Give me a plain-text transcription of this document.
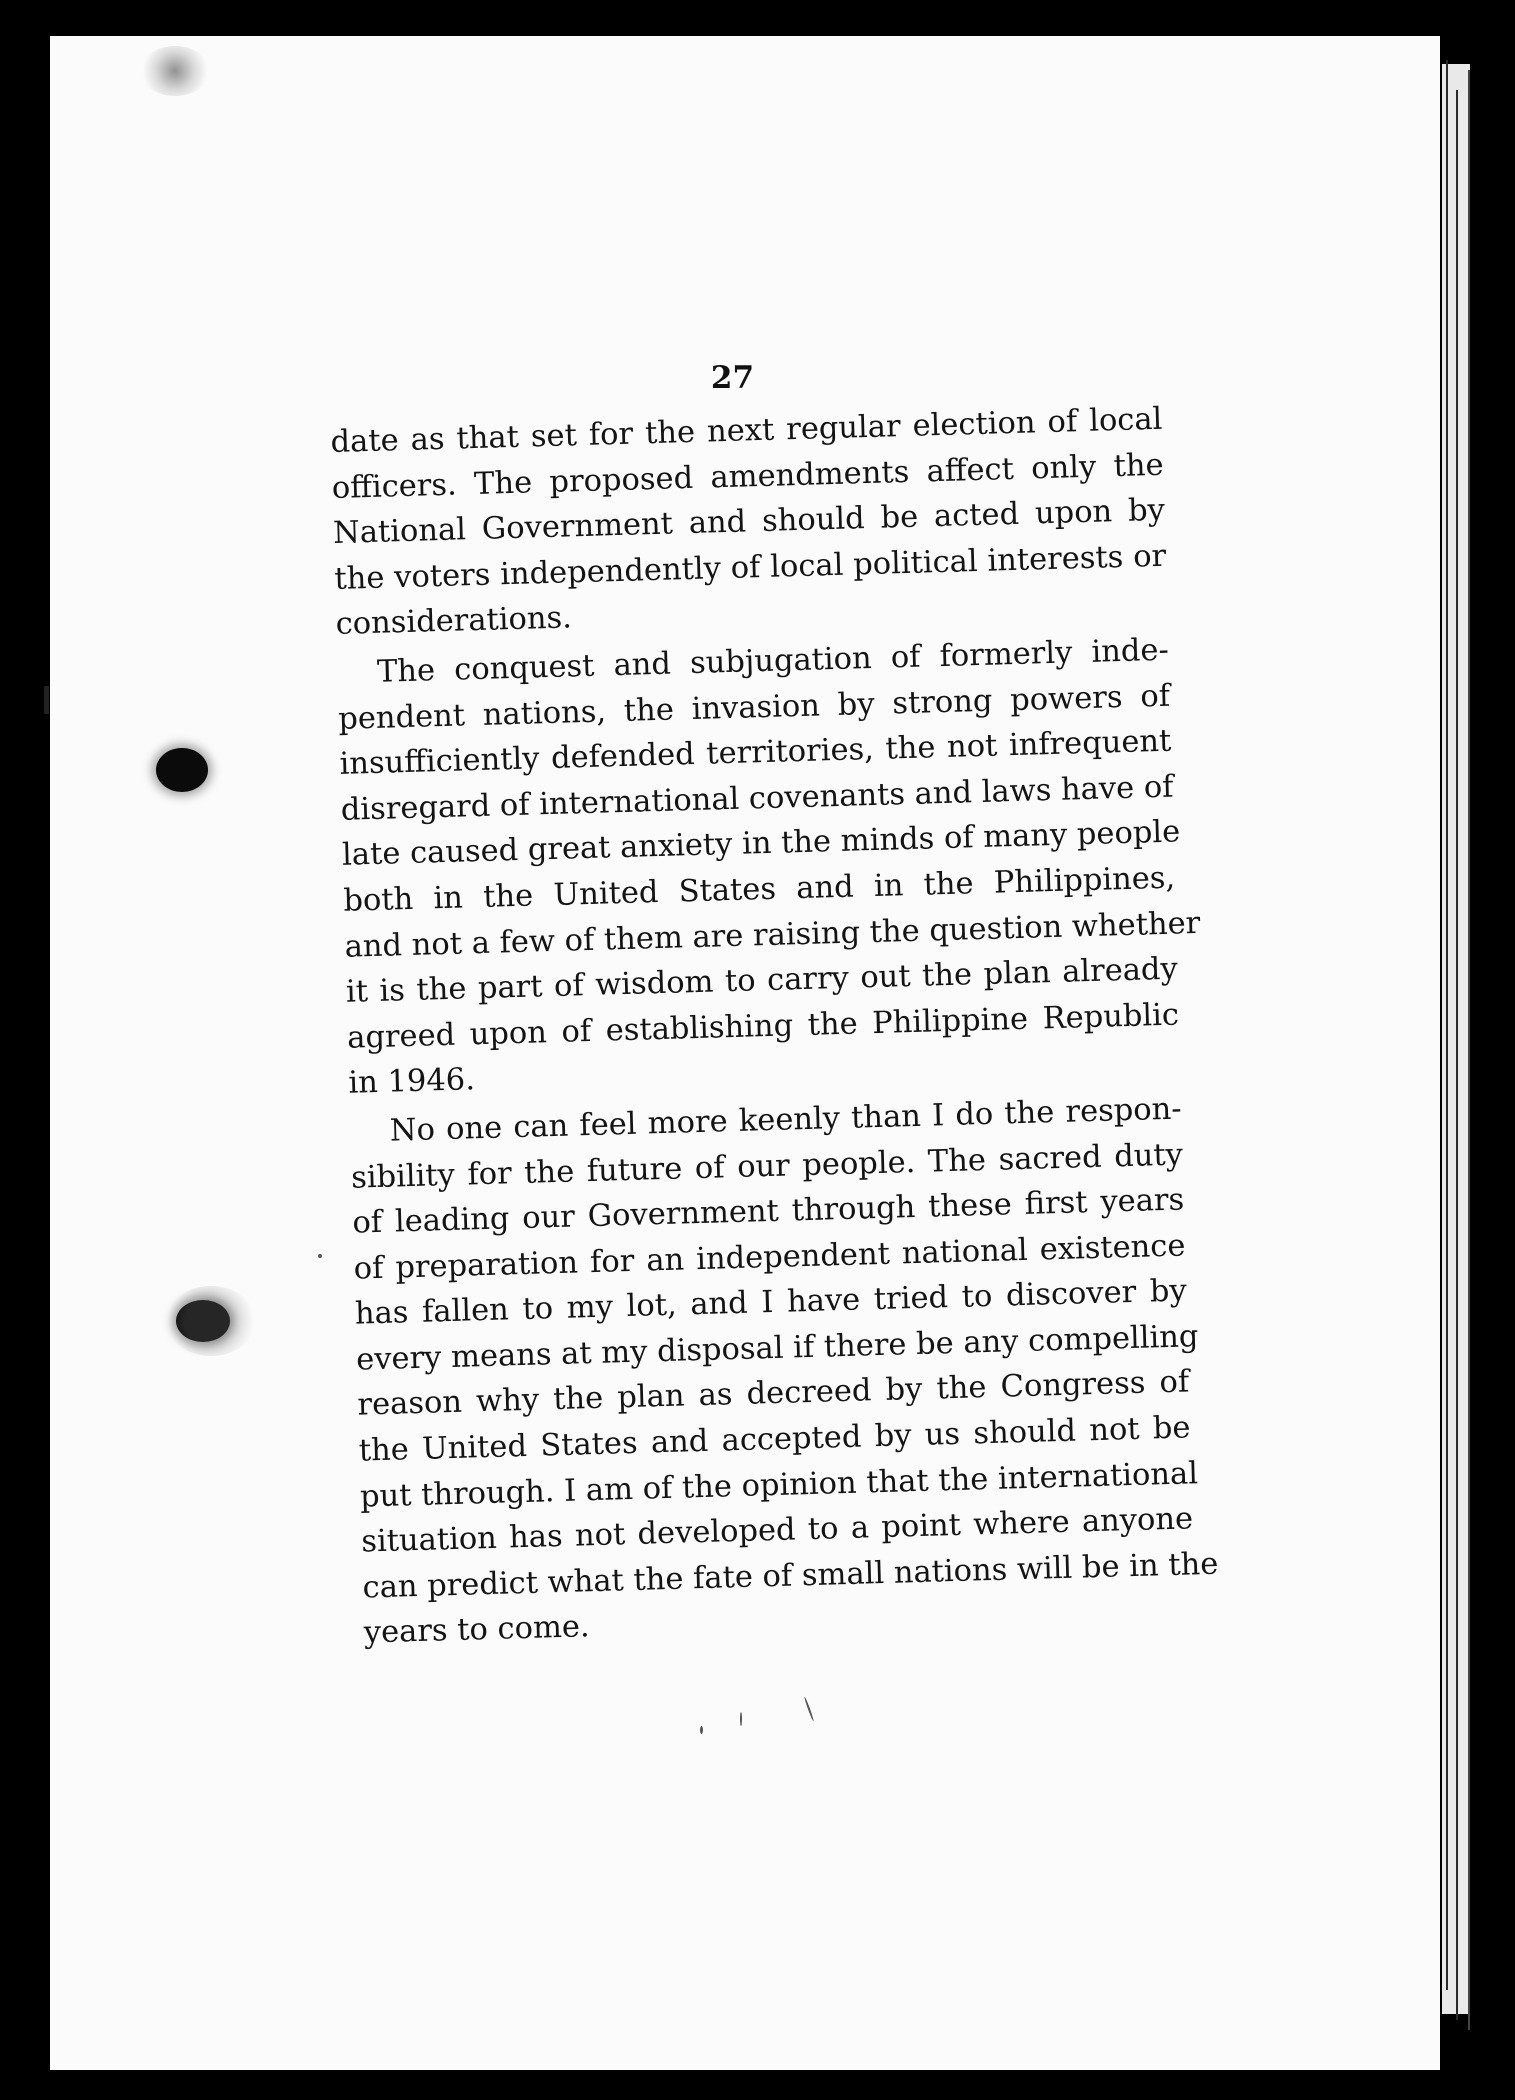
27
date as that set for the next regular election of local
officers. The proposed amendments affect only the
National Government and should be acted upon by
the voters independently of local political interests or
considerations.
The conquest and subjugation of formerly inde-
pendent nations, the invasion by strong powers of
insufficiently defended territories, the not infrequent
disregard of international covenants and laws have of
late caused great anxiety in the minds of many people
both in the United States and in the Philippines,
and not a few of them are raising the question whether
it is the part of wisdom to carry out the plan already
agreed upon of establishing the Philippine Republic
in 1946.
No one can feel more keenly than I do the respon-
sibility for the future of our people. The sacred duty
of leading our Government through these first years
of preparation for an independent national existence
has fallen to my lot, and I have tried to discover by
every means at my disposal if there be any compelling
reason why the plan as decreed by the Congress of
the United States and accepted by us should not be
put through. I am of the opinion that the international
situation has not developed to a point where anyone
can predict what the fate of small nations will be in the
years to come.
